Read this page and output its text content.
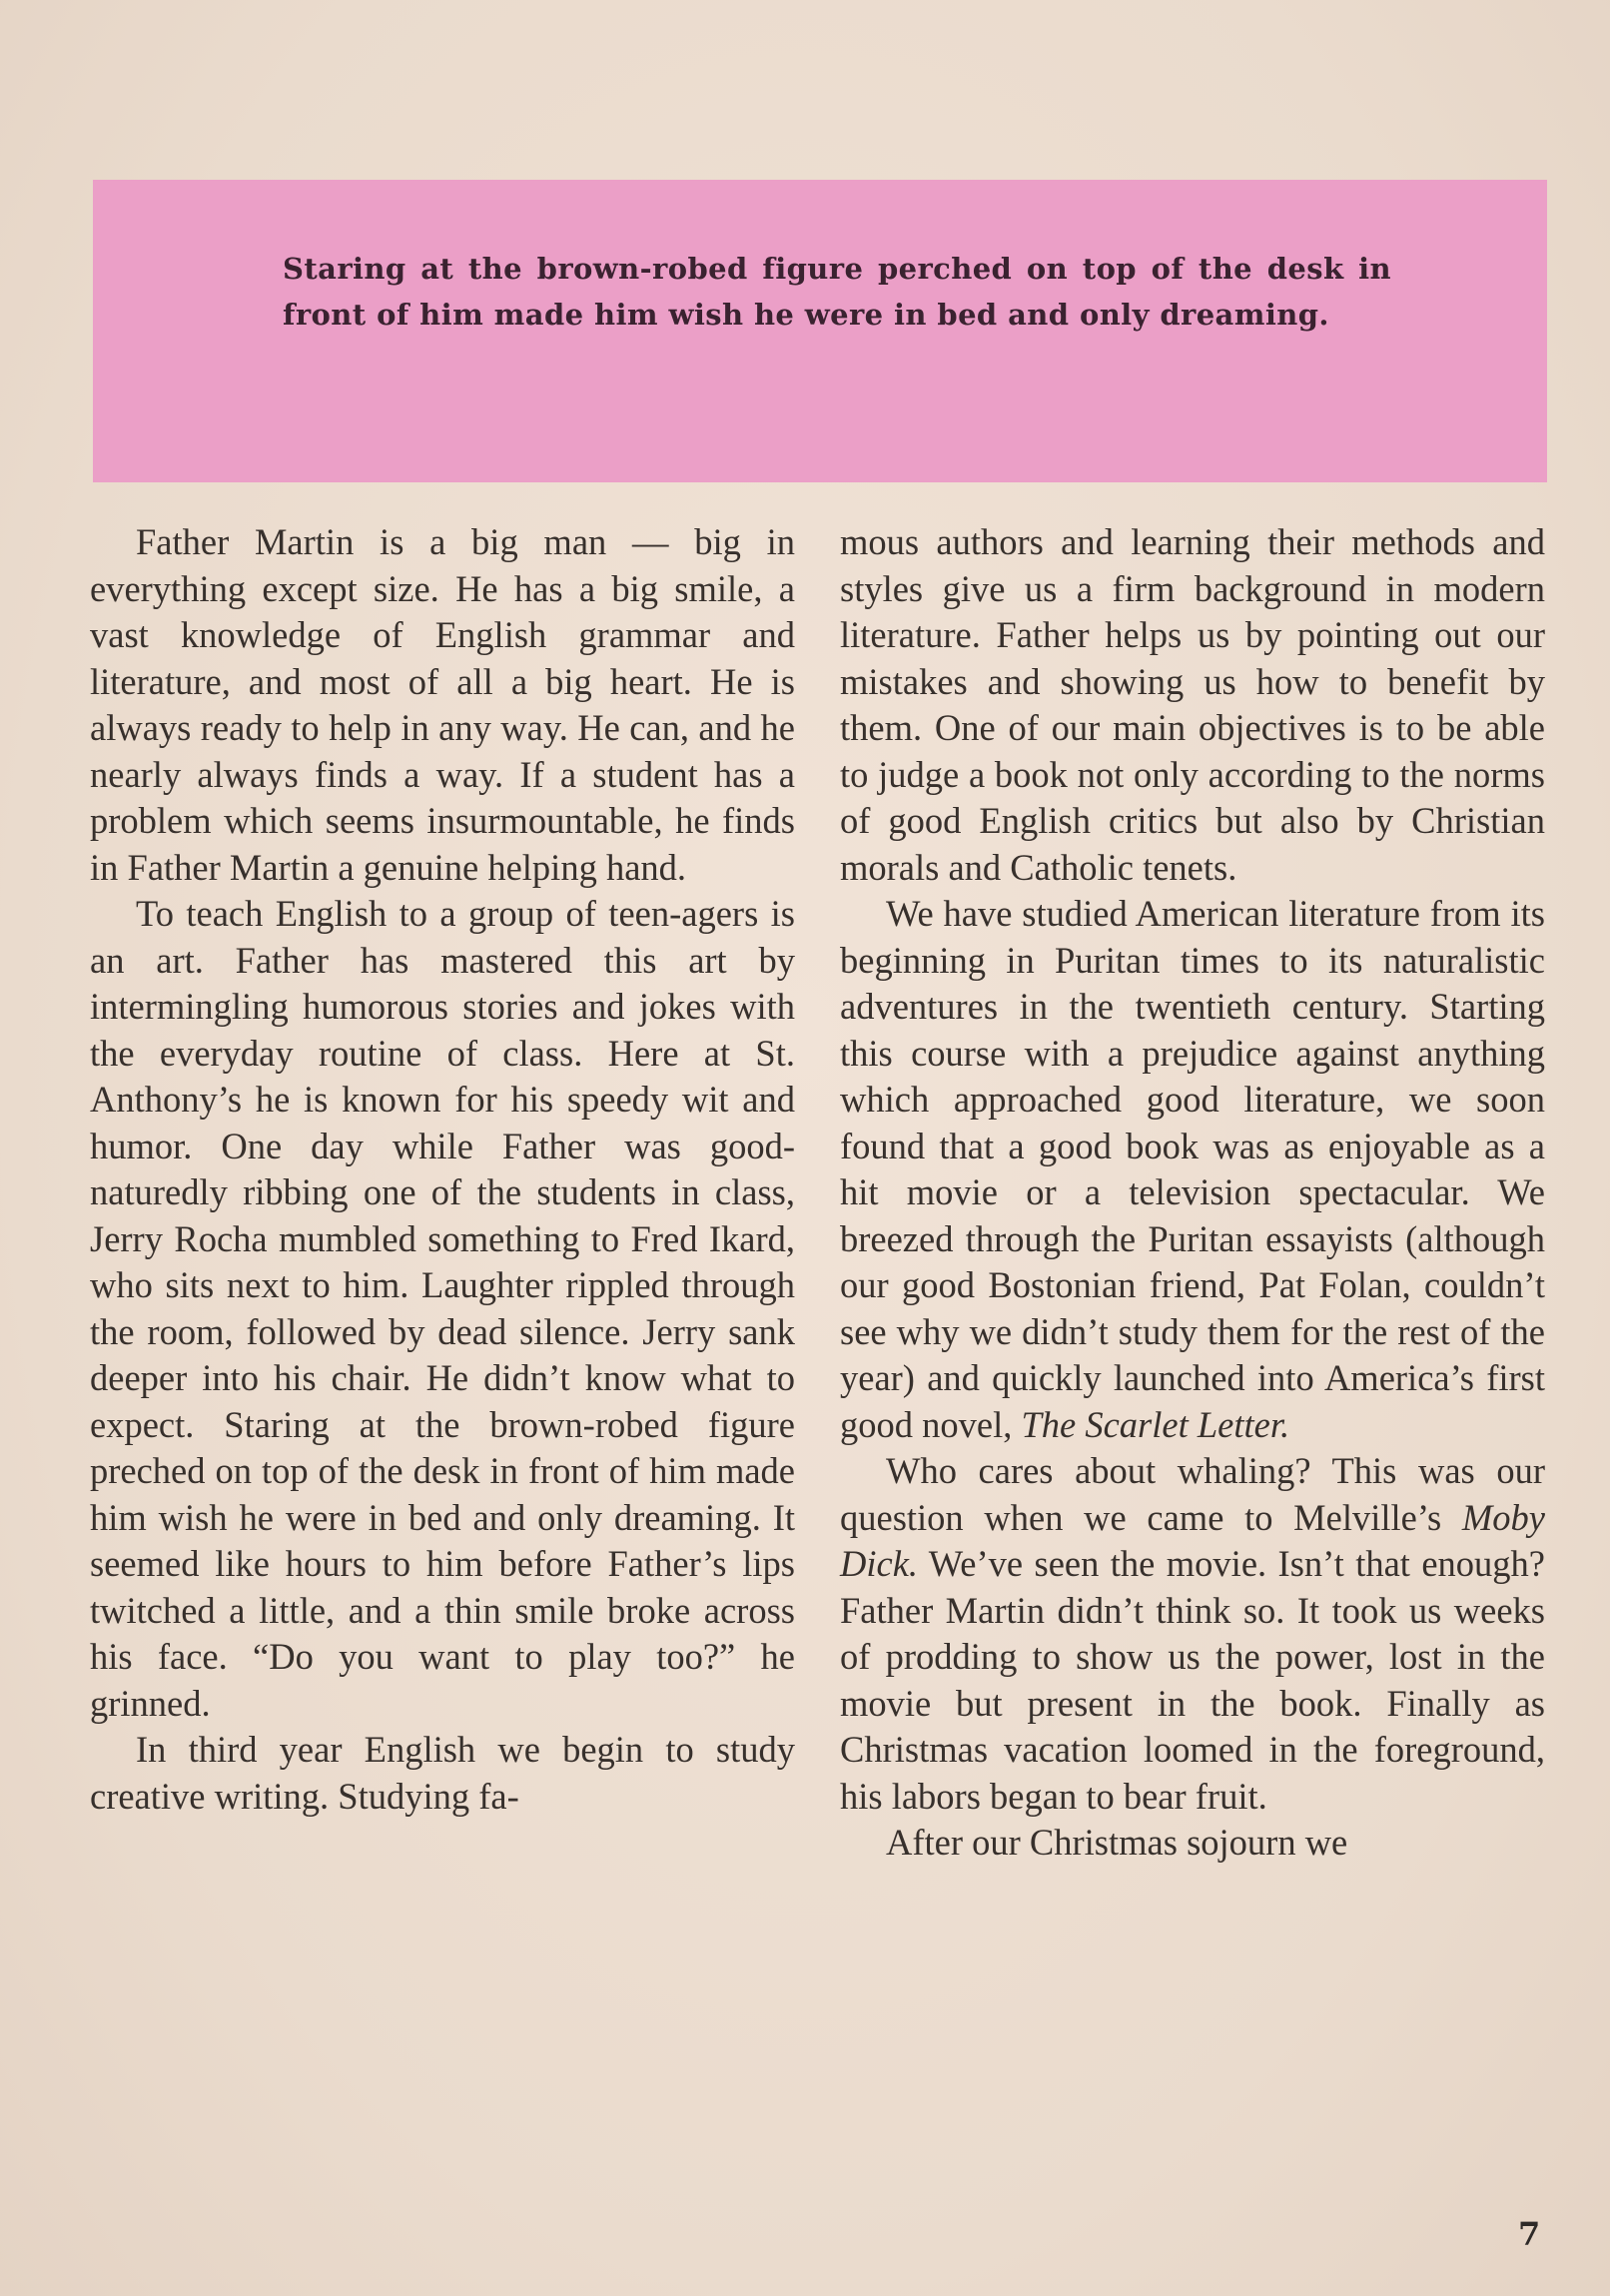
Staring at the brown-robed figure perched on top of the desk in front of him made him wish he were in bed and only dreaming.

Father Martin is a big man — big in everything except size. He has a big smile, a vast knowledge of English grammar and literature, and most of all a big heart. He is always ready to help in any way. He can, and he nearly always finds a way. If a student has a problem which seems insurmountable, he finds in Father Martin a genuine helping hand.

To teach English to a group of teen-agers is an art. Father has mastered this art by intermingling humorous stories and jokes with the everyday routine of class. Here at St. Anthony’s he is known for his speedy wit and humor. One day while Father was good-naturedly ribbing one of the students in class, Jerry Rocha mumbled something to Fred Ikard, who sits next to him. Laughter rippled through the room, followed by dead silence. Jerry sank deeper into his chair. He didn’t know what to expect. Staring at the brown-robed figure preched on top of the desk in front of him made him wish he were in bed and only dreaming. It seemed like hours to him before Father’s lips twitched a little, and a thin smile broke across his face. “Do you want to play too?” he grinned.

In third year English we begin to study creative writing. Studying fa-

mous authors and learning their methods and styles give us a firm background in modern literature. Father helps us by pointing out our mistakes and showing us how to benefit by them. One of our main objectives is to be able to judge a book not only according to the norms of good English critics but also by Christian morals and Catholic tenets.

We have studied American literature from its beginning in Puritan times to its naturalistic adventures in the twentieth century. Starting this course with a prejudice against anything which approached good literature, we soon found that a good book was as enjoyable as a hit movie or a television spectacular. We breezed through the Puritan essayists (although our good Bostonian friend, Pat Folan, couldn’t see why we didn’t study them for the rest of the year) and quickly launched into America’s first good novel, The Scarlet Letter.

Who cares about whaling? This was our question when we came to Melville’s Moby Dick. We’ve seen the movie. Isn’t that enough? Father Martin didn’t think so. It took us weeks of prodding to show us the power, lost in the movie but present in the book. Finally as Christmas vacation loomed in the foreground, his labors began to bear fruit.

After our Christmas sojourn we

7
